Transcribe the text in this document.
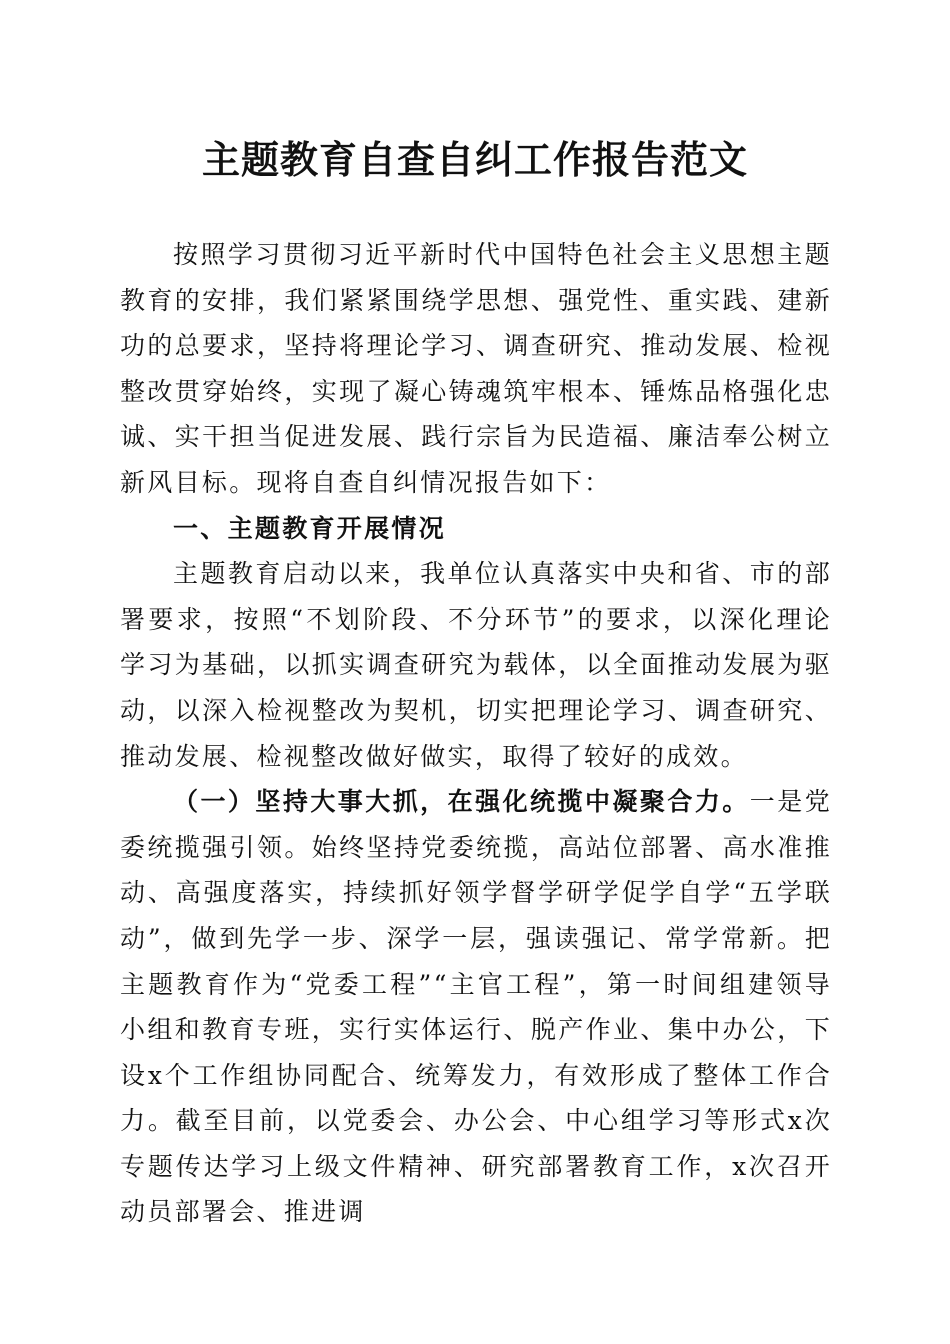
主题教育自查自纠工作报告范文

按照学习贯彻习近平新时代中国特色社会主义思想主题教育的安排，我们紧紧围绕学思想、强党性、重实践、建新功的总要求，坚持将理论学习、调查研究、推动发展、检视整改贯穿始终，实现了凝心铸魂筑牢根本、锤炼品格强化忠诚、实干担当促进发展、践行宗旨为民造福、廉洁奉公树立新风目标。现将自查自纠情况报告如下：

一、主题教育开展情况

主题教育启动以来，我单位认真落实中央和省、市的部署要求，按照“不划阶段、不分环节”的要求，以深化理论学习为基础，以抓实调查研究为载体，以全面推动发展为驱动，以深入检视整改为契机，切实把理论学习、调查研究、推动发展、检视整改做好做实，取得了较好的成效。

（一）坚持大事大抓，在强化统揽中凝聚合力。一是党委统揽强引领。始终坚持党委统揽，高站位部署、高水准推动、高强度落实，持续抓好领学督学研学促学自学“五学联动”，做到先学一步、深学一层，强读强记、常学常新。把主题教育作为“党委工程”“主官工程”，第一时间组建领导小组和教育专班，实行实体运行、脱产作业、集中办公，下设x个工作组协同配合、统筹发力，有效形成了整体工作合力。截至目前，以党委会、办公会、中心组学习等形式x次专题传达学习上级文件精神、研究部署教育工作，x次召开动员部署会、推进调
